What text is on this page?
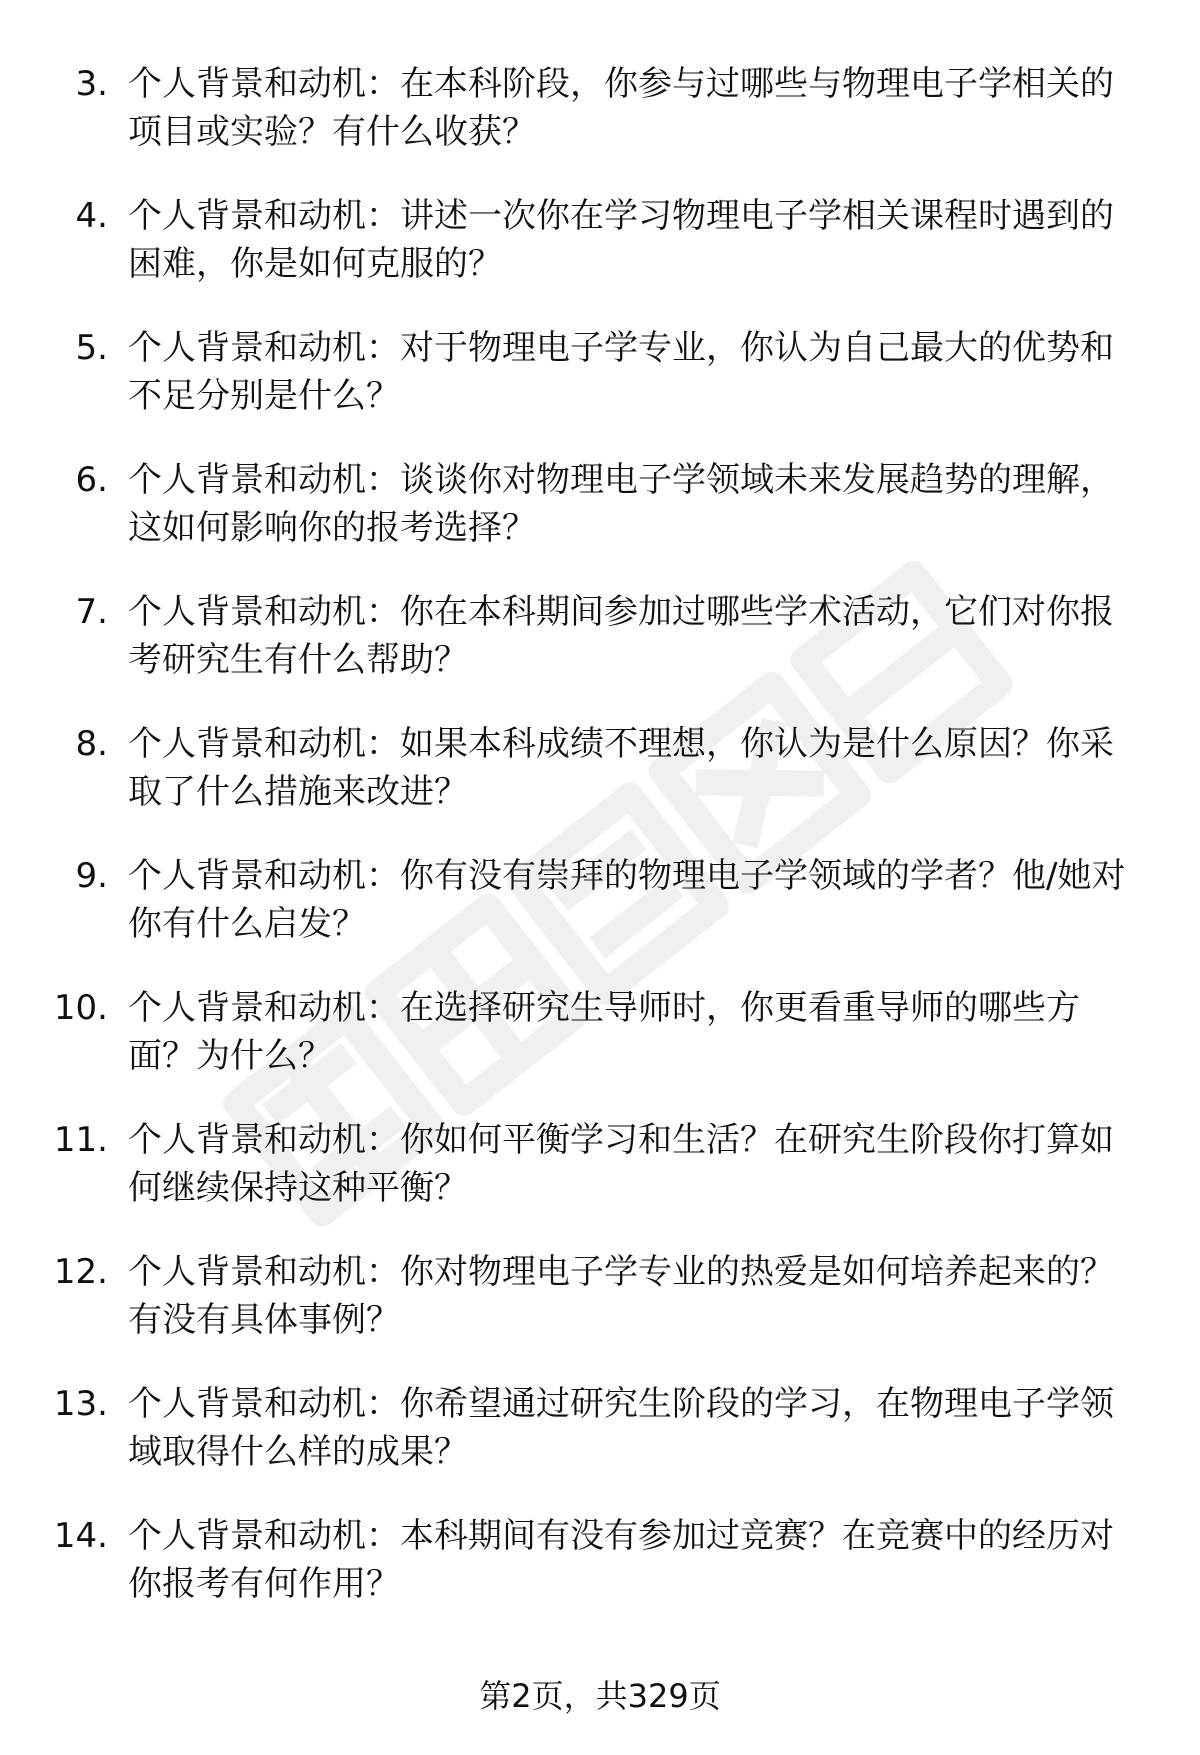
3. 个人背景和动机：在本科阶段，你参与过哪些与物理电子学相关的项目或实验？有什么收获？
4. 个人背景和动机：讲述一次你在学习物理电子学相关课程时遇到的困难，你是如何克服的？
5. 个人背景和动机：对于物理电子学专业，你认为自己最大的优势和不足分别是什么？
6. 个人背景和动机：谈谈你对物理电子学领域未来发展趋势的理解，这如何影响你的报考选择？
7. 个人背景和动机：你在本科期间参加过哪些学术活动，它们对你报考研究生有什么帮助？
8. 个人背景和动机：如果本科成绩不理想，你认为是什么原因？你采取了什么措施来改进？
9. 个人背景和动机：你有没有崇拜的物理电子学领域的学者？他/她对你有什么启发？
10. 个人背景和动机：在选择研究生导师时，你更看重导师的哪些方面？为什么？
11. 个人背景和动机：你如何平衡学习和生活？在研究生阶段你打算如何继续保持这种平衡？
12. 个人背景和动机：你对物理电子学专业的热爱是如何培养起来的？有没有具体事例？
13. 个人背景和动机：你希望通过研究生阶段的学习，在物理电子学领域取得什么样的成果？
14. 个人背景和动机：本科期间有没有参加过竞赛？在竞赛中的经历对你报考有何作用？
第2页，共329页
